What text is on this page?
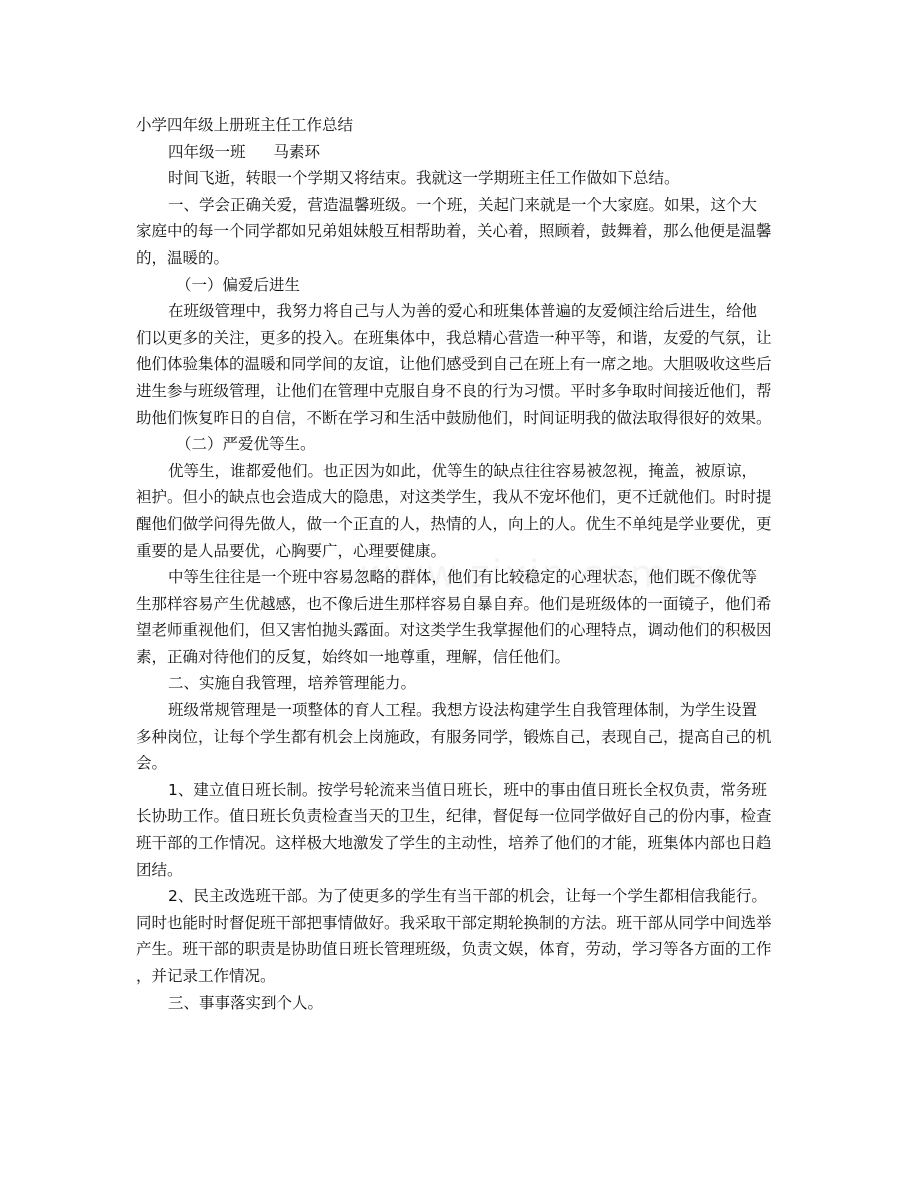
小学四年级上册班主任工作总结
四年级一班 马素环

时间飞逝，转眼一个学期又将结束。我就这一学期班主任工作做如下总结。

一、学会正确关爱，营造温馨班级。一个班，关起门来就是一个大家庭。如果，这个大
家庭中的每一个同学都如兄弟姐妹般互相帮助着，关心着，照顾着，鼓舞着，那么他便是温馨
的，温暖的。

（一）偏爱后进生

在班级管理中，我努力将自己与人为善的爱心和班集体普遍的友爱倾注给后进生，给他
们以更多的关注，更多的投入。在班集体中，我总精心营造一种平等，和谐，友爱的气氛，让
他们体验集体的温暖和同学间的友谊，让他们感受到自己在班上有一席之地。大胆吸收这些后
进生参与班级管理，让他们在管理中克服自身不良的行为习惯。平时多争取时间接近他们，帮
助他们恢复昨日的自信，不断在学习和生活中鼓励他们，时间证明我的做法取得很好的效果。

（二）严爱优等生。

优等生，谁都爱他们。也正因为如此，优等生的缺点往往容易被忽视，掩盖，被原谅，
袒护。但小的缺点也会造成大的隐患，对这类学生，我从不宠坏他们，更不迁就他们。时时提
醒他们做学问得先做人，做一个正直的人，热情的人，向上的人。优生不单纯是学业要优，更
重要的是人品要优，心胸要广，心理要健康。

中等生往往是一个班中容易忽略的群体，他们有比较稳定的心理状态，他们既不像优等
生那样容易产生优越感，也不像后进生那样容易自暴自弃。他们是班级体的一面镜子，他们希
望老师重视他们，但又害怕抛头露面。对这类学生我掌握他们的心理特点，调动他们的积极因
素，正确对待他们的反复，始终如一地尊重，理解，信任他们。

二、实施自我管理，培养管理能力。

班级常规管理是一项整体的育人工程。我想方设法构建学生自我管理体制，为学生设置
多种岗位，让每个学生都有机会上岗施政，有服务同学，锻炼自己，表现自己，提高自己的机
会。

1、建立值日班长制。按学号轮流来当值日班长，班中的事由值日班长全权负责，常务班
长协助工作。值日班长负责检查当天的卫生，纪律，督促每一位同学做好自己的份内事，检查
班干部的工作情况。这样极大地激发了学生的主动性，培养了他们的才能，班集体内部也日趋
团结。

2、民主改选班干部。为了使更多的学生有当干部的机会，让每一个学生都相信我能行。
同时也能时时督促班干部把事情做好。我采取干部定期轮换制的方法。班干部从同学中间选举
产生。班干部的职责是协助值日班长管理班级，负责文娱，体育，劳动，学习等各方面的工作
，并记录工作情况。

三、事事落实到个人。
